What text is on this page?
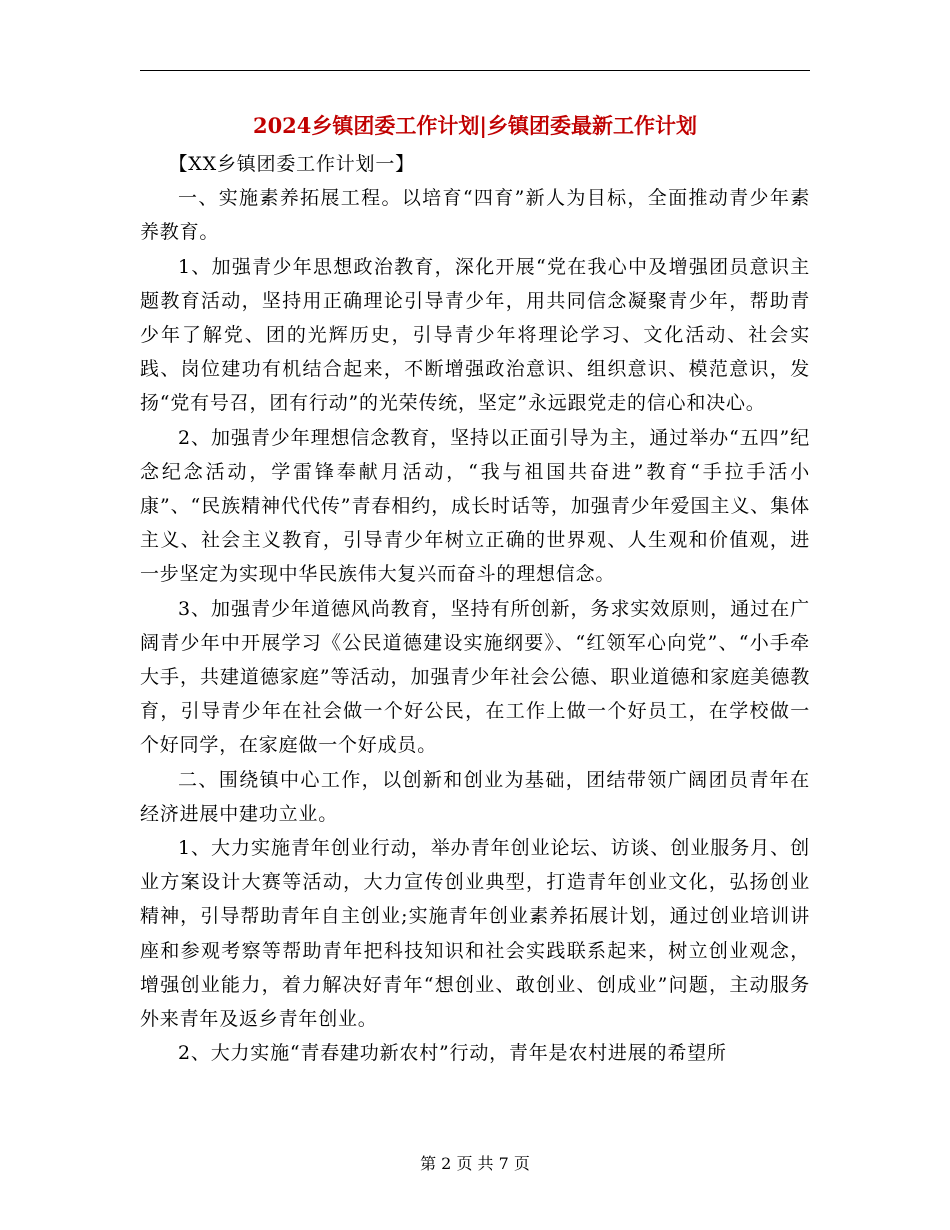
2024乡镇团委工作计划|乡镇团委最新工作计划

【XX乡镇团委工作计划一】

一、实施素养拓展工程。以培育“四育”新人为目标，全面推动青少年素养教育。

1、加强青少年思想政治教育，深化开展“党在我心中及增强团员意识主题教育活动，坚持用正确理论引导青少年，用共同信念凝聚青少年，帮助青少年了解党、团的光辉历史，引导青少年将理论学习、文化活动、社会实践、岗位建功有机结合起来，不断增强政治意识、组织意识、模范意识，发扬“党有号召，团有行动”的光荣传统，坚定”永远跟党走的信心和决心。

2、加强青少年理想信念教育，坚持以正面引导为主，通过举办“五四”纪念纪念活动，学雷锋奉献月活动，“我与祖国共奋进”教育“手拉手活小康”、“民族精神代代传”青春相约，成长时话等，加强青少年爱国主义、集体主义、社会主义教育，引导青少年树立正确的世界观、人生观和价值观，进一步坚定为实现中华民族伟大复兴而奋斗的理想信念。

3、加强青少年道德风尚教育，坚持有所创新，务求实效原则，通过在广阔青少年中开展学习《公民道德建设实施纲要》、“红领军心向党”、“小手牵大手，共建道德家庭”等活动，加强青少年社会公德、职业道德和家庭美德教育，引导青少年在社会做一个好公民，在工作上做一个好员工，在学校做一个好同学，在家庭做一个好成员。

二、围绕镇中心工作，以创新和创业为基础，团结带领广阔团员青年在经济进展中建功立业。

1、大力实施青年创业行动，举办青年创业论坛、访谈、创业服务月、创业方案设计大赛等活动，大力宣传创业典型，打造青年创业文化，弘扬创业精神，引导帮助青年自主创业;实施青年创业素养拓展计划，通过创业培训讲座和参观考察等帮助青年把科技知识和社会实践联系起来，树立创业观念，增强创业能力，着力解决好青年“想创业、敢创业、创成业”问题，主动服务外来青年及返乡青年创业。

2、大力实施“青春建功新农村”行动，青年是农村进展的希望所

第 2 页 共 7 页
